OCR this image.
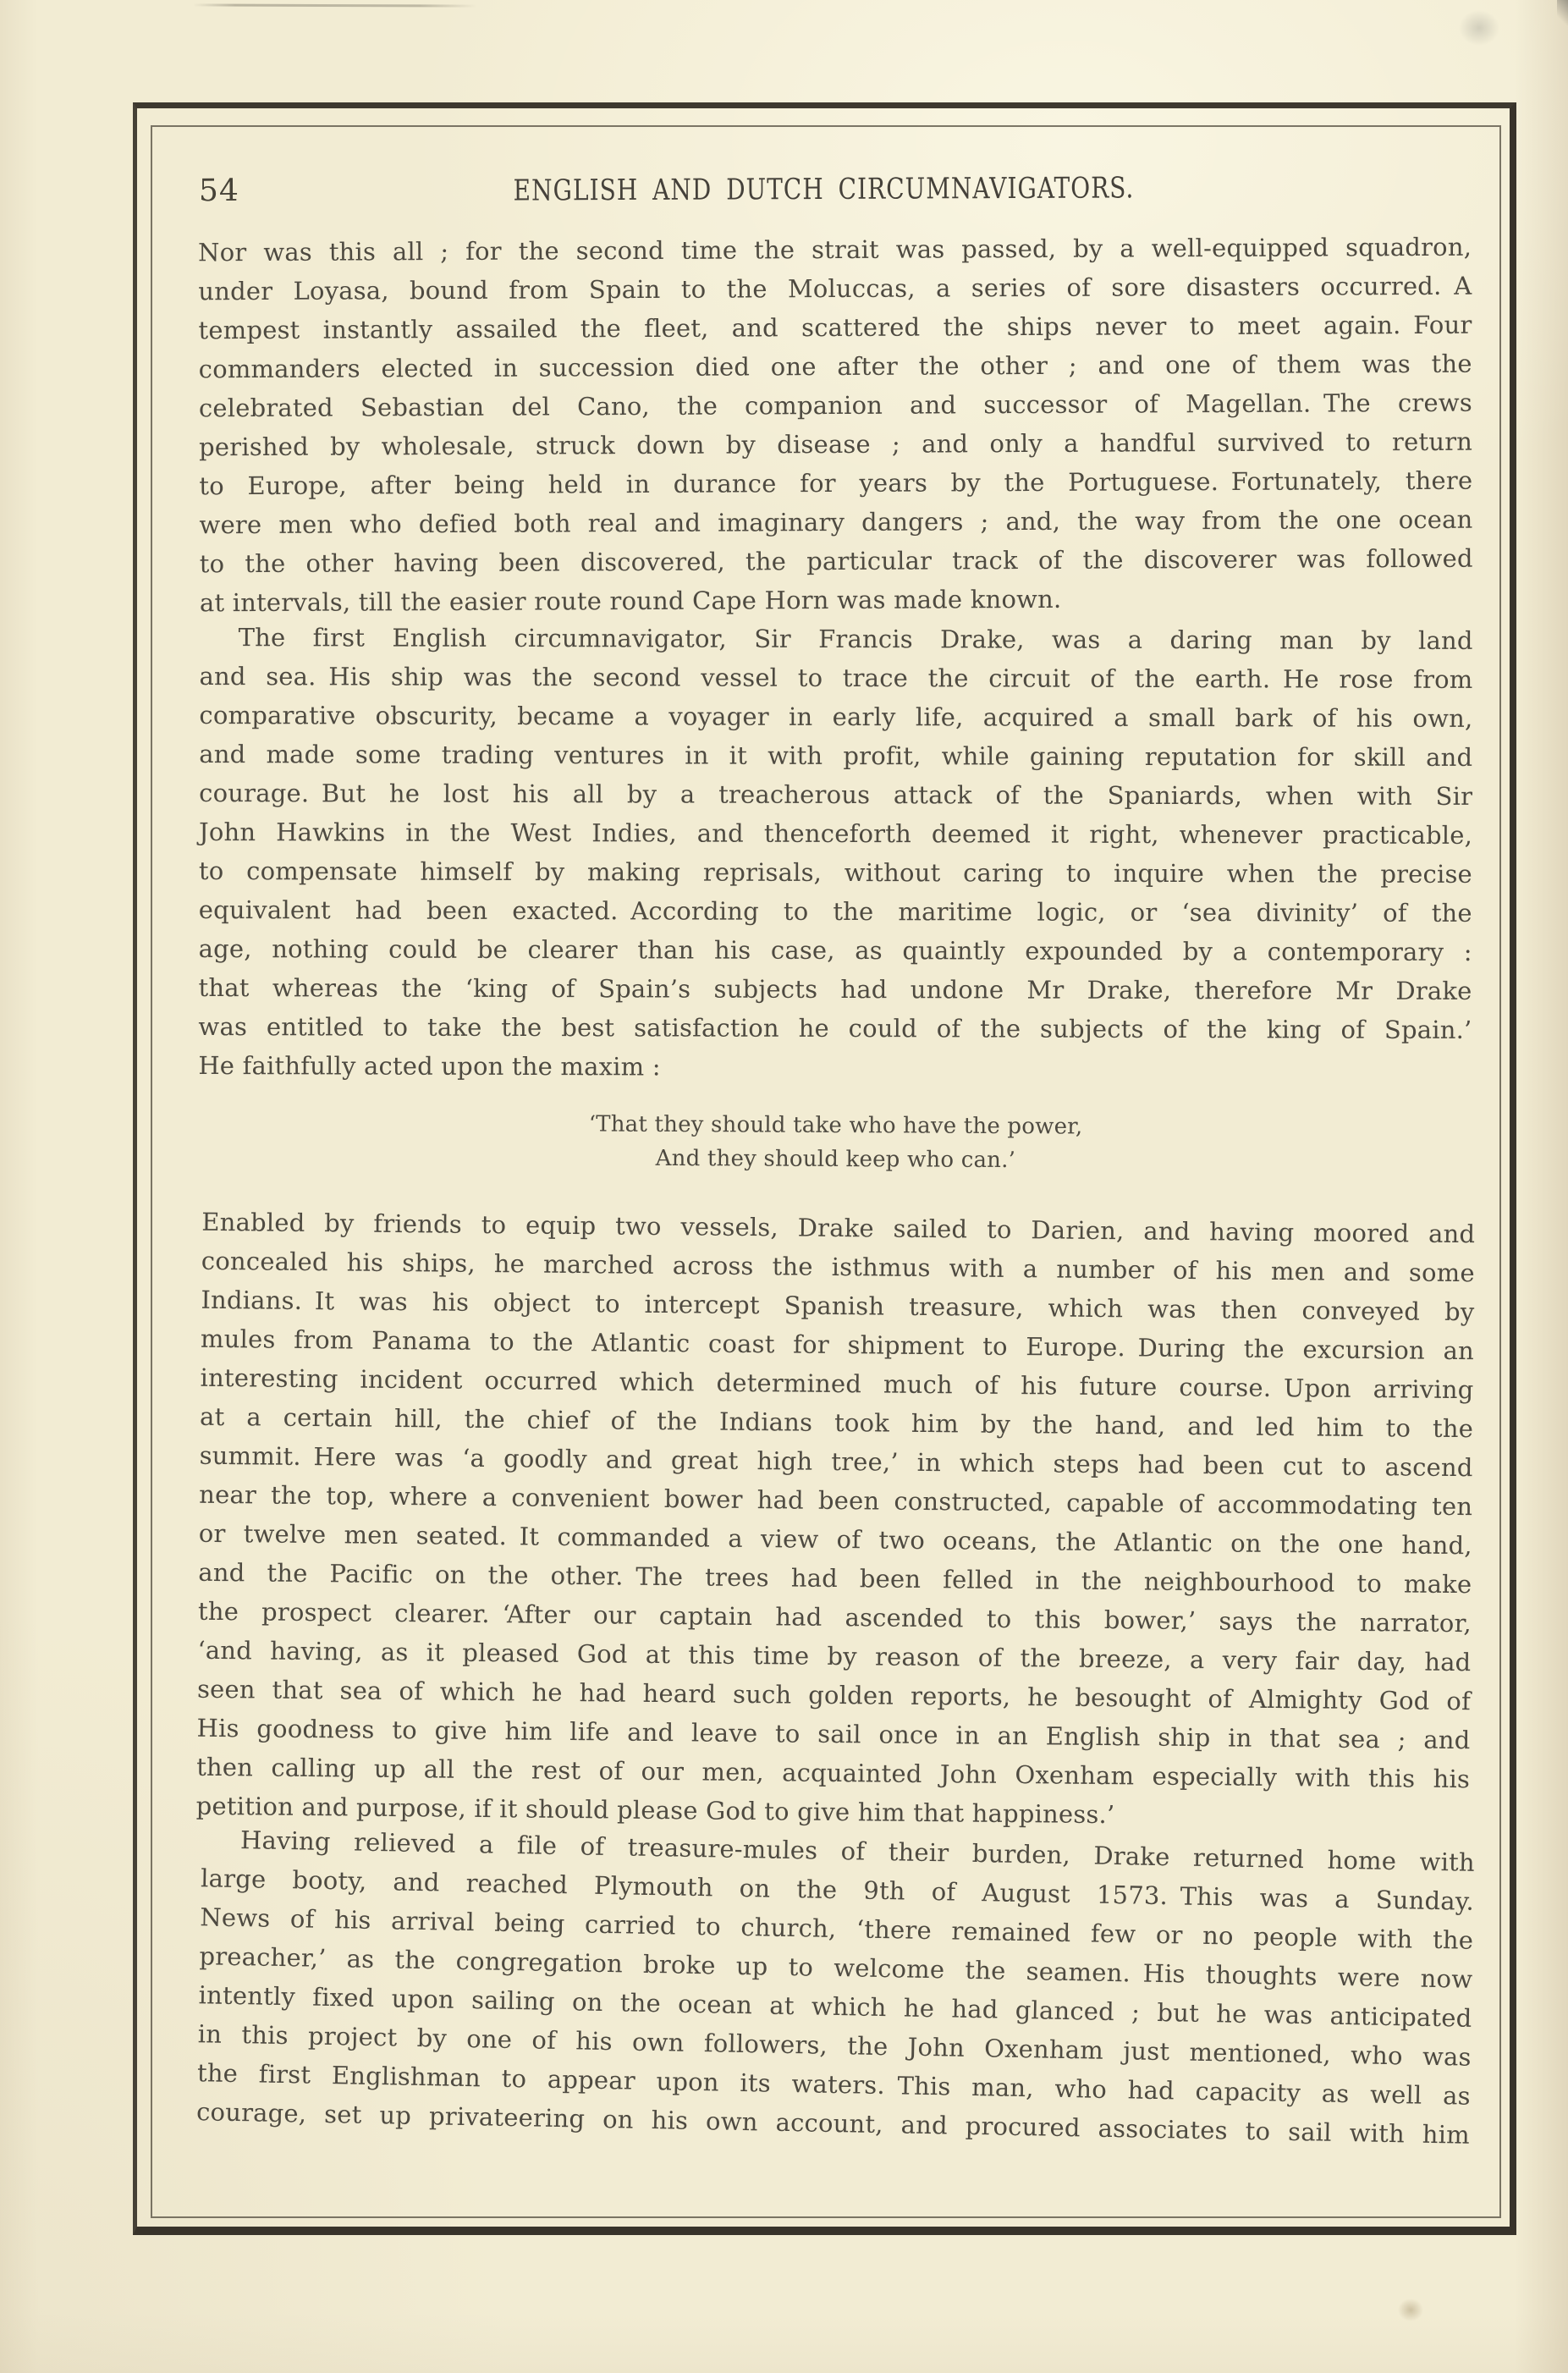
54	ENGLISH AND DUTCH CIRCUMNAVIGATORS.
Nor was this all ; for the second time the strait was passed, by a well-equipped squadron,
under Loyasa, bound from Spain to the Moluccas, a series of sore disasters occurred. A
tempest instantly assailed the fleet, and scattered the ships never to meet again. Four
commanders elected in succession died one after the other ; and one of them was the
celebrated Sebastian del Cano, the companion and successor of Magellan. The crews
perished by wholesale, struck down by disease ; and only a handful survived to return
to Europe, after being held in durance for years by the Portuguese. Fortunately, there
were men who defied both real and imaginary dangers ; and, the way from the one ocean
to the other having been discovered, the particular track of the discoverer was followed
at intervals, till the easier route round Cape Horn was made known.
The first English circumnavigator, Sir Francis Drake, was a daring man by land
and sea. His ship was the second vessel to trace the circuit of the earth. He rose from
comparative obscurity, became a voyager in early life, acquired a small bark of his own,
and made some trading ventures in it with profit, while gaining reputation for skill and
courage. But he lost his all by a treacherous attack of the Spaniards, when with Sir
John Hawkins in the West Indies, and thenceforth deemed it right, whenever practicable,
to compensate himself by making reprisals, without caring to inquire when the precise
equivalent had been exacted. According to the maritime logic, or ‘sea divinity’ of the
age, nothing could be clearer than his case, as quaintly expounded by a contemporary :
that whereas the ‘king of Spain’s subjects had undone Mr Drake, therefore Mr Drake
was entitled to take the best satisfaction he could of the subjects of the king of Spain.’
He faithfully acted upon the maxim :
‘That they should take who have the power,
And they should keep who can.’
Enabled by friends to equip two vessels, Drake sailed to Darien, and having moored and
concealed his ships, he marched across the isthmus with a number of his men and some
Indians. It was his object to intercept Spanish treasure, which was then conveyed by
mules from Panama to the Atlantic coast for shipment to Europe. During the excursion an
interesting incident occurred which determined much of his future course. Upon arriving
at a certain hill, the chief of the Indians took him by the hand, and led him to the
summit. Here was ‘a goodly and great high tree,’ in which steps had been cut to ascend
near the top, where a convenient bower had been constructed, capable of accommodating ten
or twelve men seated. It commanded a view of two oceans, the Atlantic on the one hand,
and the Pacific on the other. The trees had been felled in the neighbourhood to make
the prospect clearer. ‘After our captain had ascended to this bower,’ says the narrator,
‘and having, as it pleased God at this time by reason of the breeze, a very fair day, had
seen that sea of which he had heard such golden reports, he besought of Almighty God of
His goodness to give him life and leave to sail once in an English ship in that sea ; and
then calling up all the rest of our men, acquainted John Oxenham especially with this his
petition and purpose, if it should please God to give him that happiness.’
Having relieved a file of treasure-mules of their burden, Drake returned home with
large booty, and reached Plymouth on the 9th of August 1573. This was a Sunday.
News of his arrival being carried to church, ‘there remained few or no people with the
preacher,’ as the congregation broke up to welcome the seamen. His thoughts were now
intently fixed upon sailing on the ocean at which he had glanced ; but he was anticipated
in this project by one of his own followers, the John Oxenham just mentioned, who was
the first Englishman to appear upon its waters. This man, who had capacity as well as
courage, set up privateering on his own account, and procured associates to sail with him
